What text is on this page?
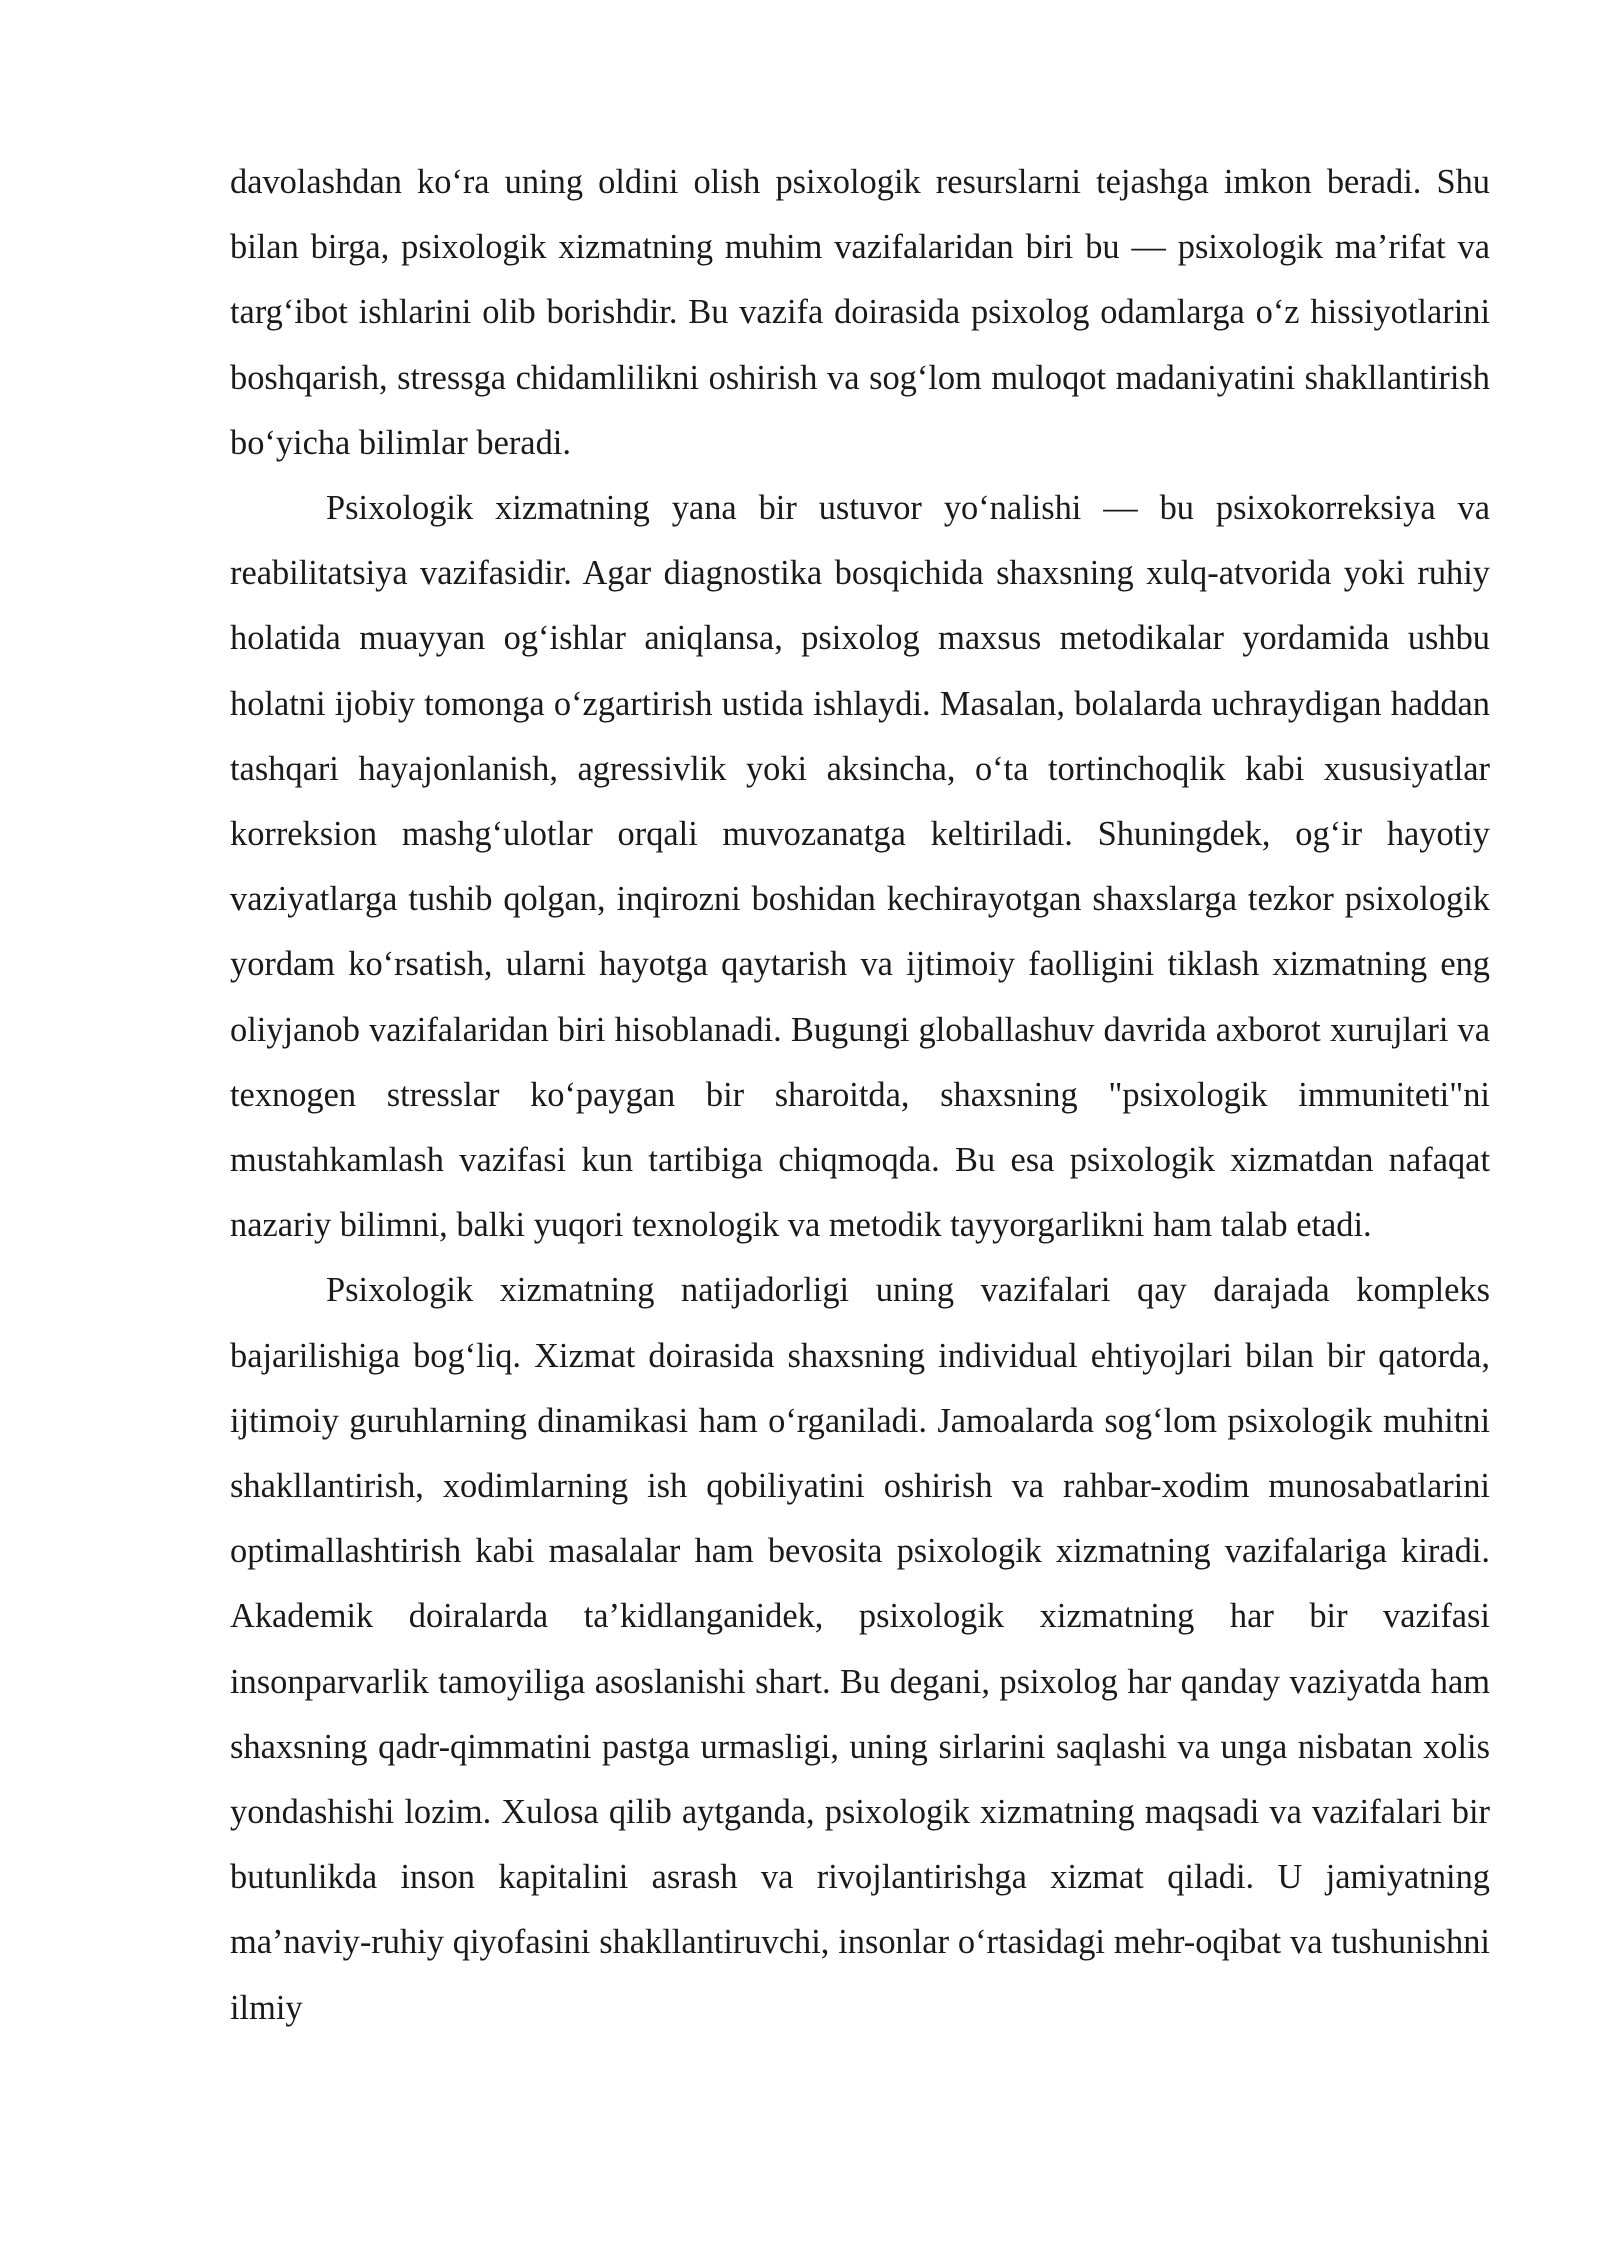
davolashdan ko‘ra uning oldini olish psixologik resurslarni tejashga imkon beradi. Shu bilan birga, psixologik xizmatning muhim vazifalaridan biri bu — psixologik ma’rifat va targ‘ibot ishlarini olib borishdir. Bu vazifa doirasida psixolog odamlarga o‘z hissiyotlarini boshqarish, stressga chidamlilikni oshirish va sog‘lom muloqot madaniyatini shakllantirish bo‘yicha bilimlar beradi.

Psixologik xizmatning yana bir ustuvor yo‘nalishi — bu psixokorreksiya va reabilitatsiya vazifasidir. Agar diagnostika bosqichida shaxsning xulq-atvorida yoki ruhiy holatida muayyan og‘ishlar aniqlansa, psixolog maxsus metodikalar yordamida ushbu holatni ijobiy tomonga o‘zgartirish ustida ishlaydi. Masalan, bolalarda uchraydigan haddan tashqari hayajonlanish, agressivlik yoki aksincha, o‘ta tortinchoqlik kabi xususiyatlar korreksion mashg‘ulotlar orqali muvozanatga keltiriladi. Shuningdek, og‘ir hayotiy vaziyatlarga tushib qolgan, inqirozni boshidan kechirayotgan shaxslarga tezkor psixologik yordam ko‘rsatish, ularni hayotga qaytarish va ijtimoiy faolligini tiklash xizmatning eng oliyjanob vazifalaridan biri hisoblanadi. Bugungi globallashuv davrida axborot xurujlari va texnogen stresslar ko‘paygan bir sharoitda, shaxsning "psixologik immuniteti"ni mustahkamlash vazifasi kun tartibiga chiqmoqda. Bu esa psixologik xizmatdan nafaqat nazariy bilimni, balki yuqori texnologik va metodik tayyorgarlikni ham talab etadi.

Psixologik xizmatning natijadorligi uning vazifalari qay darajada kompleks bajarilishiga bog‘liq. Xizmat doirasida shaxsning individual ehtiyojlari bilan bir qatorda, ijtimoiy guruhlarning dinamikasi ham o‘rganiladi. Jamoalarda sog‘lom psixologik muhitni shakllantirish, xodimlarning ish qobiliyatini oshirish va rahbar-xodim munosabatlarini optimallashtirish kabi masalalar ham bevosita psixologik xizmatning vazifalariga kiradi. Akademik doiralarda ta’kidlanganidek, psixologik xizmatning har bir vazifasi insonparvarlik tamoyiliga asoslanishi shart. Bu degani, psixolog har qanday vaziyatda ham shaxsning qadr-qimmatini pastga urmasligi, uning sirlarini saqlashi va unga nisbatan xolis yondashishi lozim. Xulosa qilib aytganda, psixologik xizmatning maqsadi va vazifalari bir butunlikda inson kapitalini asrash va rivojlantirishga xizmat qiladi. U jamiyatning ma’naviy-ruhiy qiyofasini shakllantiruvchi, insonlar o‘rtasidagi mehr-oqibat va tushunishni ilmiy
